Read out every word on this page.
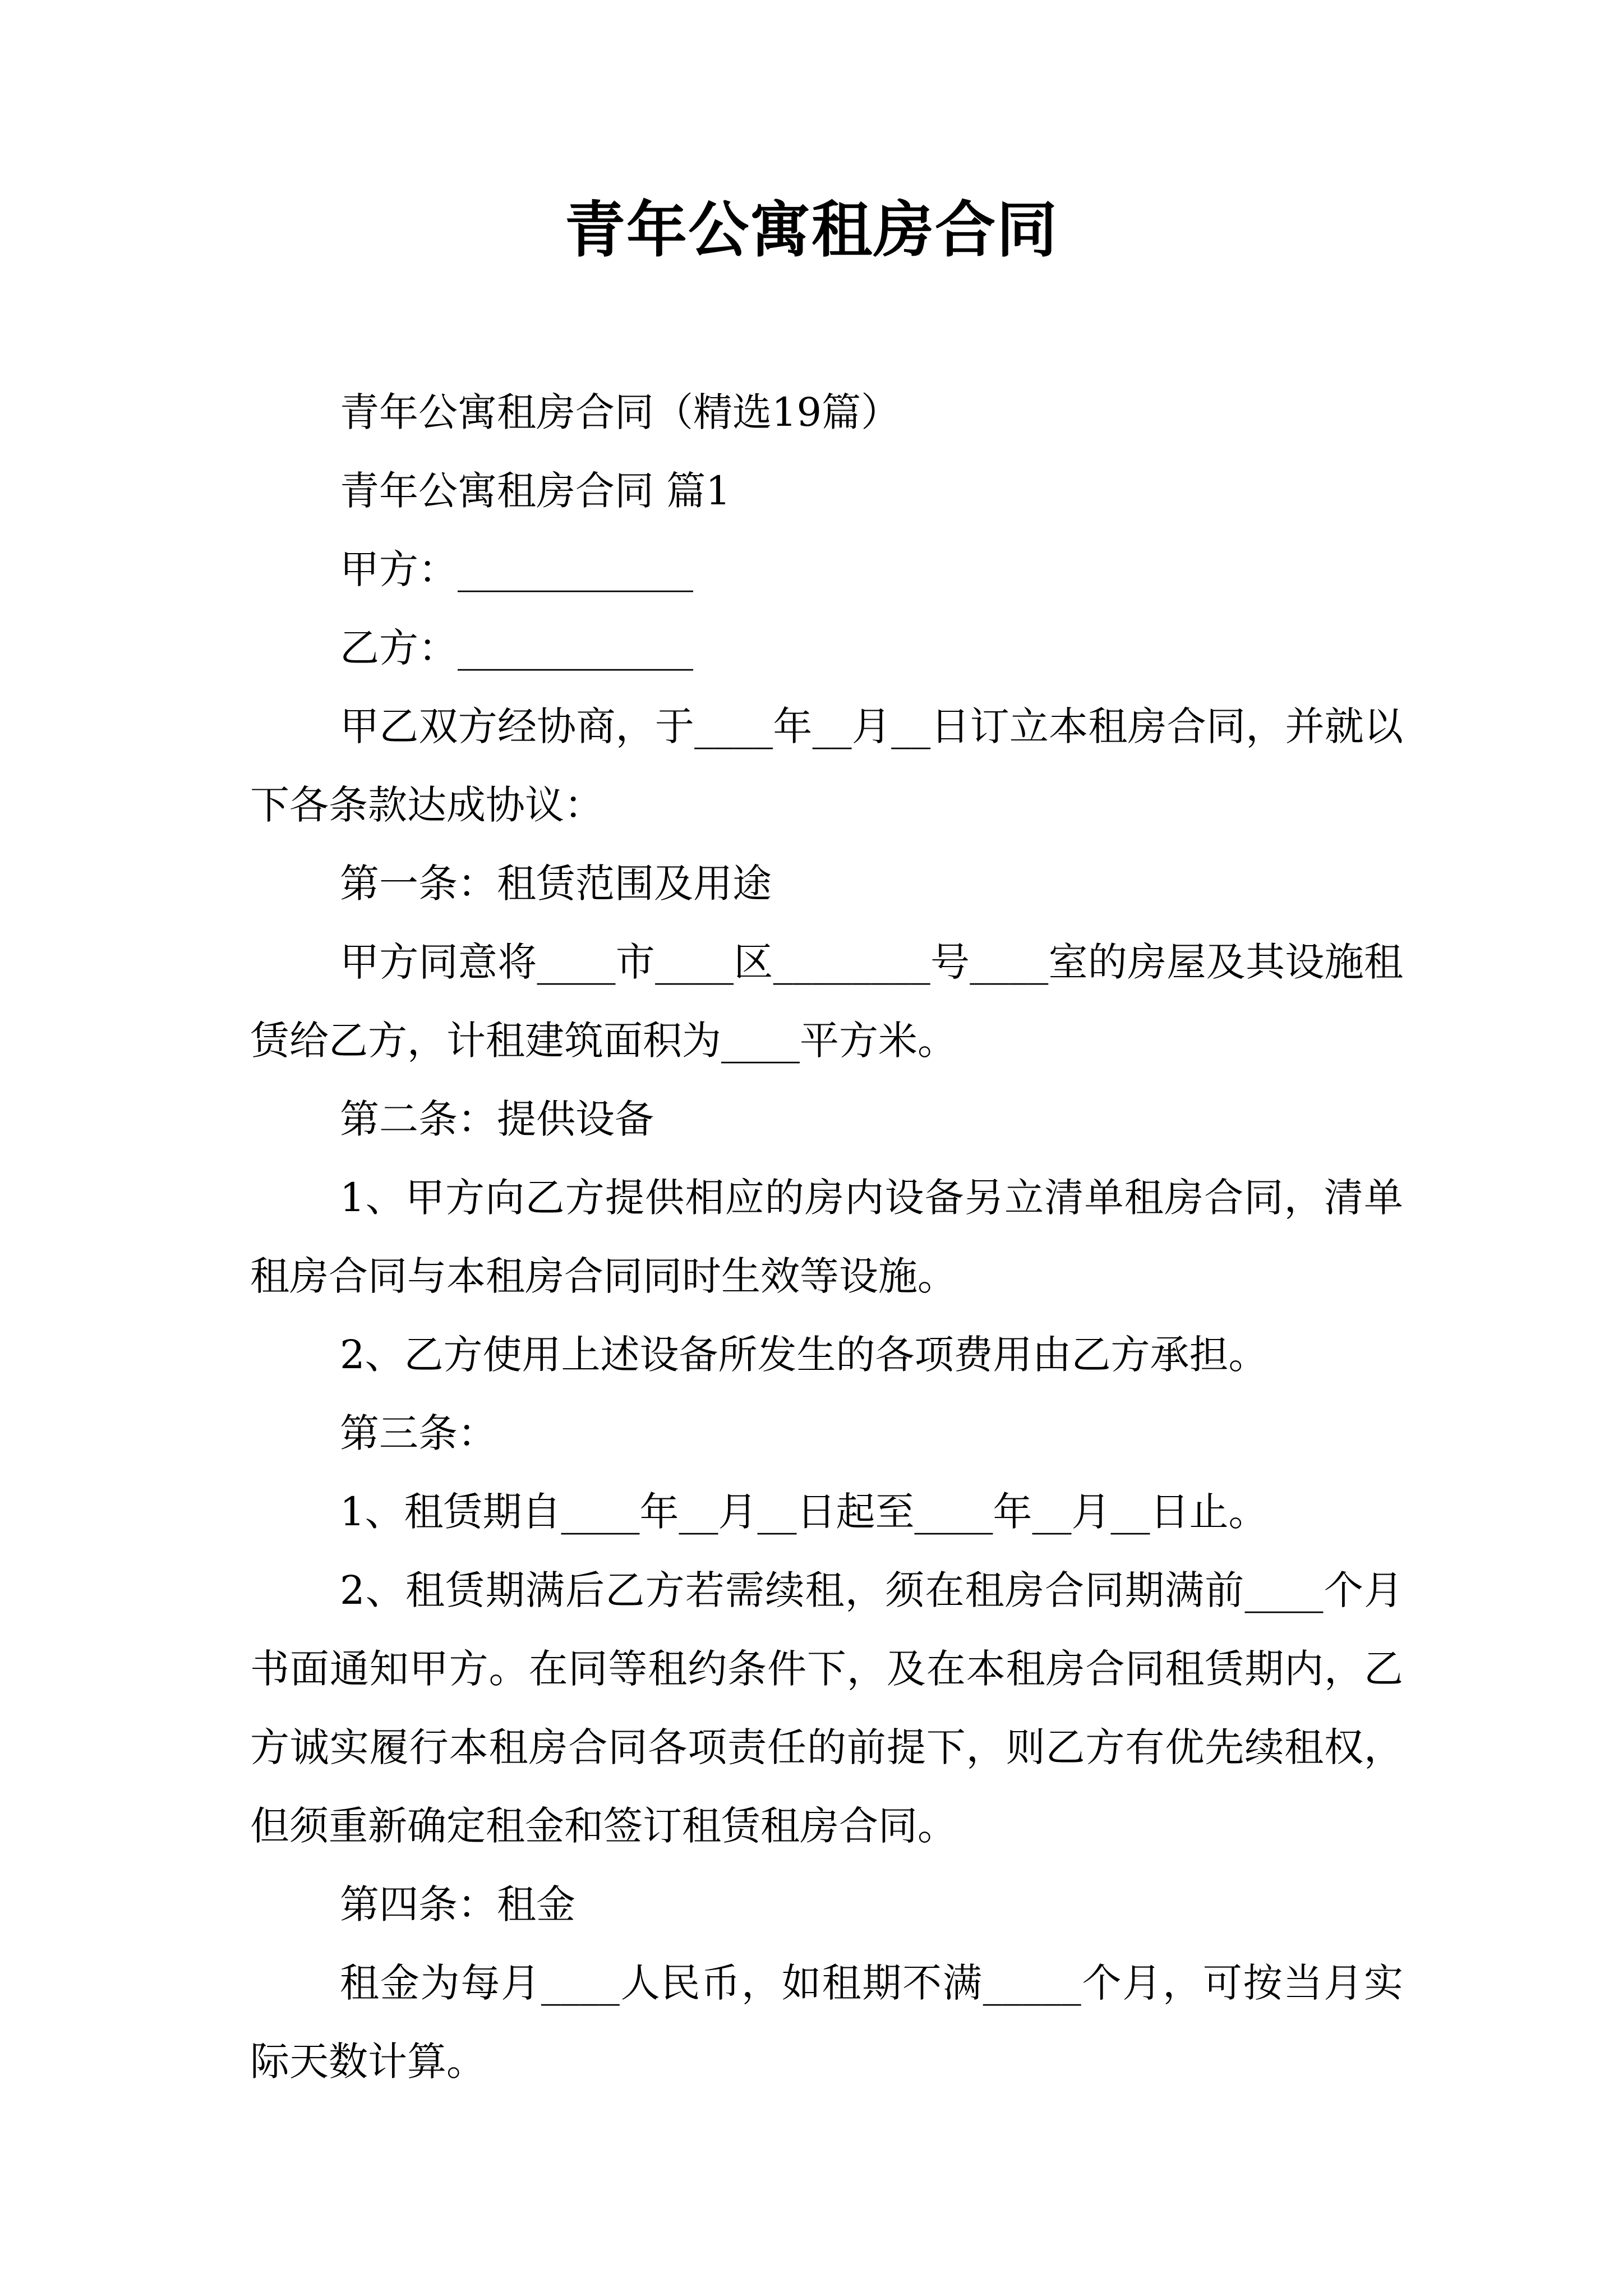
青年公寓租房合同

青年公寓租房合同（精选19篇）

青年公寓租房合同 篇1

甲方：____________

乙方：____________

甲乙双方经协商，于____年__月__日订立本租房合同，并就以下各条款达成协议：

第一条：租赁范围及用途

甲方同意将____市____区________号____室的房屋及其设施租赁给乙方，计租建筑面积为____平方米。

第二条：提供设备

1、甲方向乙方提供相应的房内设备另立清单租房合同，清单租房合同与本租房合同同时生效等设施。

2、乙方使用上述设备所发生的各项费用由乙方承担。

第三条：

1、租赁期自____年__月__日起至____年__月__日止。

2、租赁期满后乙方若需续租，须在租房合同期满前____个月书面通知甲方。在同等租约条件下，及在本租房合同租赁期内，乙方诚实履行本租房合同各项责任的前提下，则乙方有优先续租权，但须重新确定租金和签订租赁租房合同。

第四条：租金

租金为每月____人民币，如租期不满_____个月，可按当月实际天数计算。
